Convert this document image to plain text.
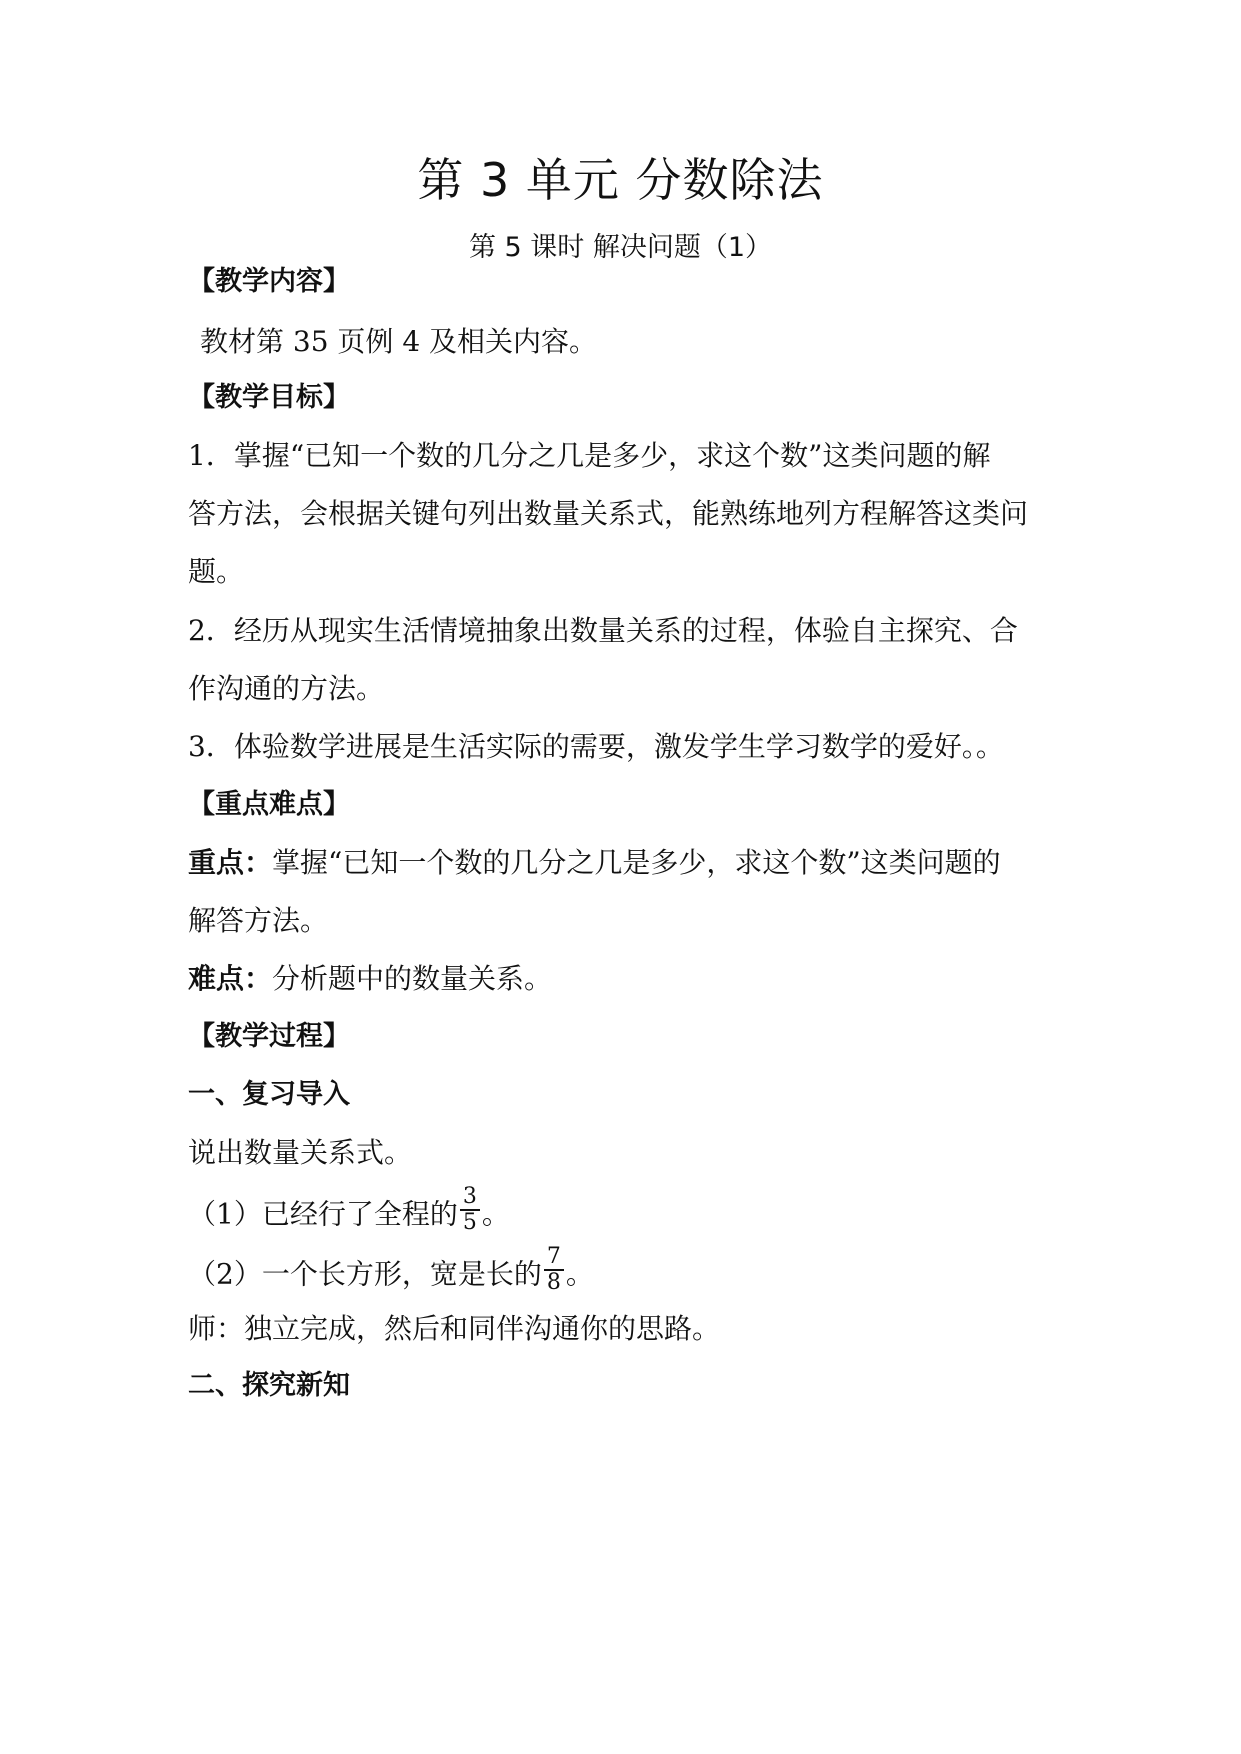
第 3 单元 分数除法
第 5 课时 解决问题（1）
【教学内容】
教材第 35 页例 4 及相关内容。
【教学目标】
1．掌握“已知一个数的几分之几是多少，求这个数”这类问题的解
答方法，会根据关键句列出数量关系式，能熟练地列方程解答这类问
题。
2．经历从现实生活情境抽象出数量关系的过程，体验自主探究、合
作沟通的方法。
3．体验数学进展是生活实际的需要，激发学生学习数学的爱好。。
【重点难点】
重点：掌握“已知一个数的几分之几是多少，求这个数”这类问题的
解答方法。
难点：分析题中的数量关系。
【教学过程】
一、复习导入
说出数量关系式。
（1）已经行了全程的 $\frac{3}{5}$ 。
（2）一个长方形，宽是长的 $\frac{7}{8}$ 。
师：独立完成，然后和同伴沟通你的思路。
二、探究新知
